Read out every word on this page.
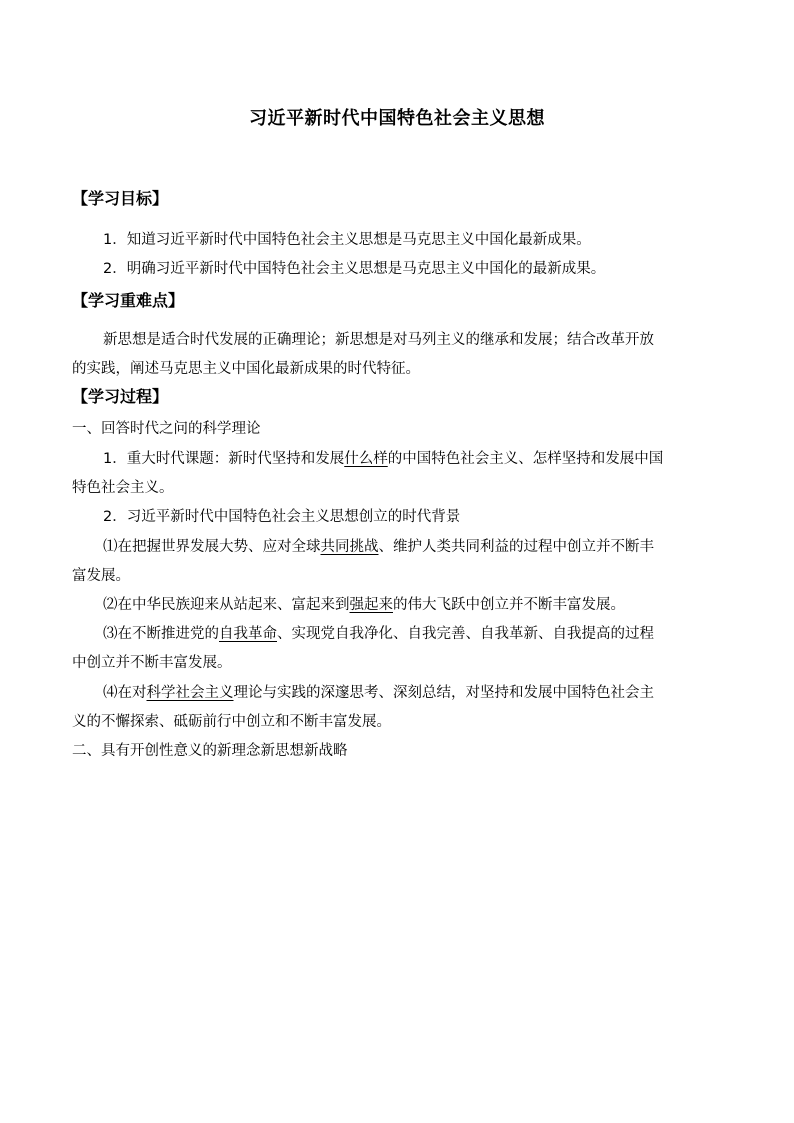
习近平新时代中国特色社会主义思想
【学习目标】
1．知道习近平新时代中国特色社会主义思想是马克思主义中国化最新成果。
2．明确习近平新时代中国特色社会主义思想是马克思主义中国化的最新成果。
【学习重难点】
新思想是适合时代发展的正确理论；新思想是对马列主义的继承和发展；结合改革开放
的实践，阐述马克思主义中国化最新成果的时代特征。
【学习过程】
一、回答时代之问的科学理论
1．重大时代课题：新时代坚持和发展什么样的中国特色社会主义、怎样坚持和发展中国
特色社会主义。
2．习近平新时代中国特色社会主义思想创立的时代背景
⑴在把握世界发展大势、应对全球共同挑战、维护人类共同利益的过程中创立并不断丰
富发展。
⑵在中华民族迎来从站起来、富起来到强起来的伟大飞跃中创立并不断丰富发展。
⑶在不断推进党的自我革命、实现党自我净化、自我完善、自我革新、自我提高的过程
中创立并不断丰富发展。
⑷在对科学社会主义理论与实践的深邃思考、深刻总结，对坚持和发展中国特色社会主
义的不懈探索、砥砺前行中创立和不断丰富发展。
二、具有开创性意义的新理念新思想新战略
